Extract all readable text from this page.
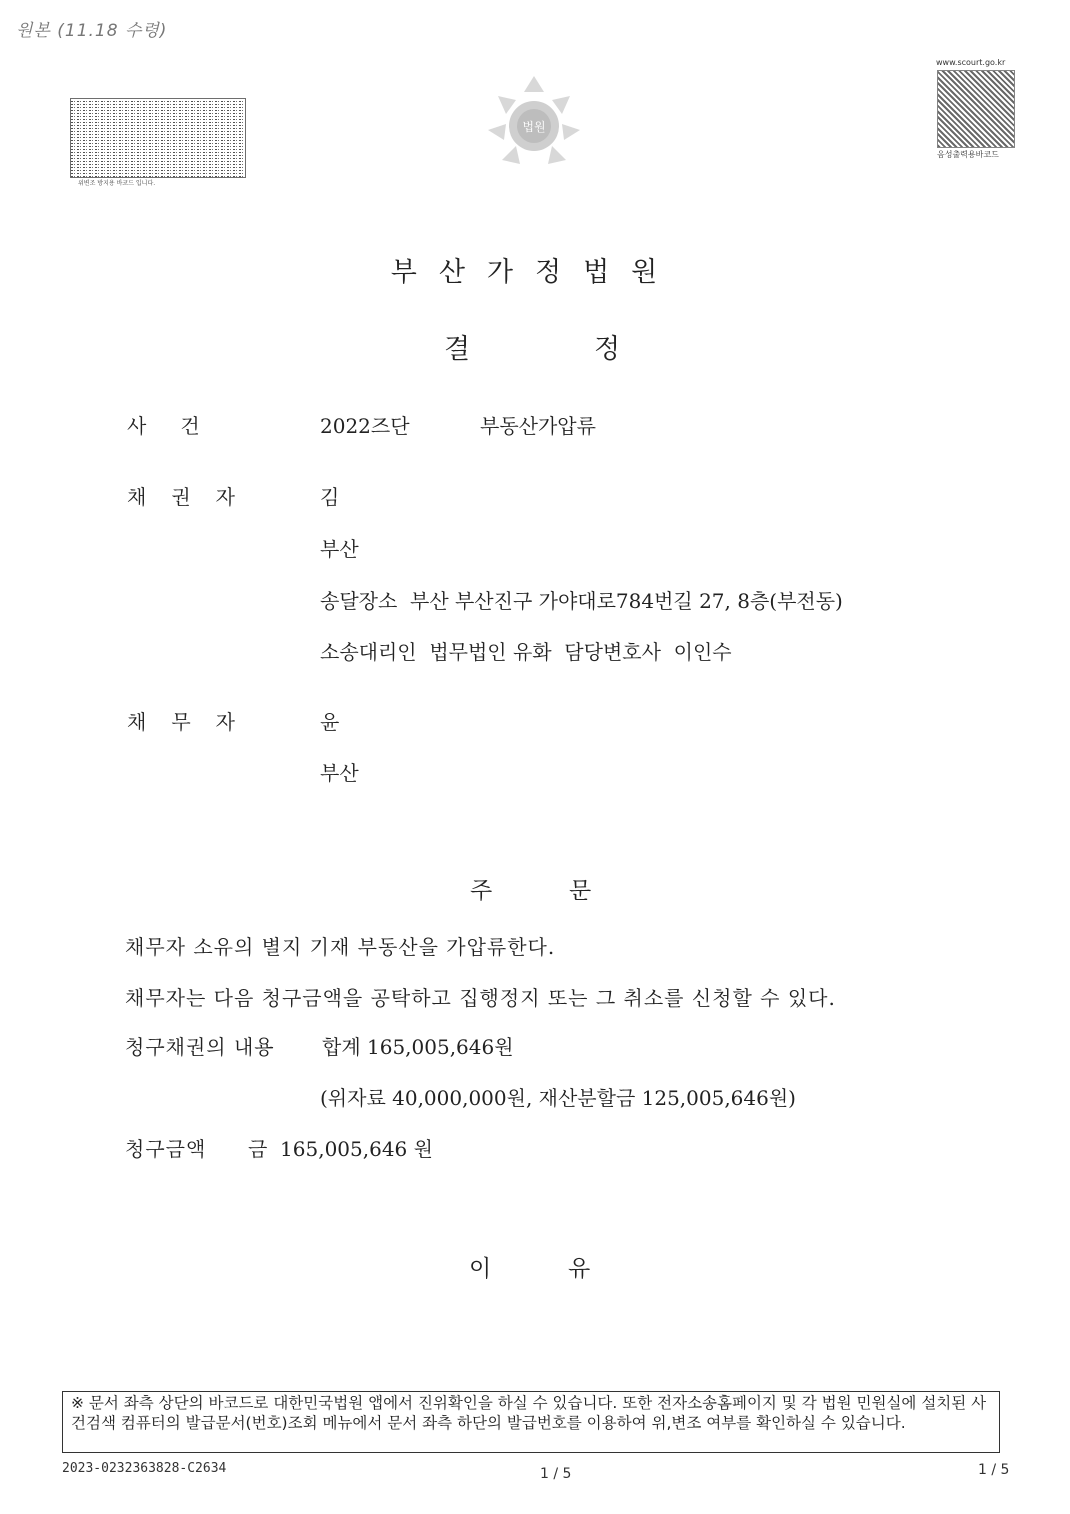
원본 (11.18 수령)
위변조 방지용 바코드 입니다.
법원
www.scourt.go.kr
음성출력용바코드
부산가정법원
결	정
사건	2022즈단	부동산가압류
채권자	김
부산
송달장소  부산 부산진구 가야대로784번길 27, 8층(부전동)
소송대리인  법무법인 유화  담당변호사  이인수
채무자	윤
부산
주	문
채무자 소유의 별지 기재 부동산을 가압류한다.
채무자는 다음 청구금액을 공탁하고 집행정지 또는 그 취소를 신청할 수 있다.
청구채권의 내용 합계 165,005,646원
(위자료 40,000,000원, 재산분할금 125,005,646원)
청구금액 금  165,005,646 원
이	유
※ 문서 좌측 상단의 바코드로 대한민국법원 앱에서 진위확인을 하실 수 있습니다. 또한 전자소송홈페이지 및 각 법원 민원실에 설치된 사건검색 컴퓨터의 발급문서(번호)조회 메뉴에서 문서 좌측 하단의 발급번호를 이용하여 위,변조 여부를 확인하실 수 있습니다.
2023-0232363828-C2634	1 / 5	1 / 5
